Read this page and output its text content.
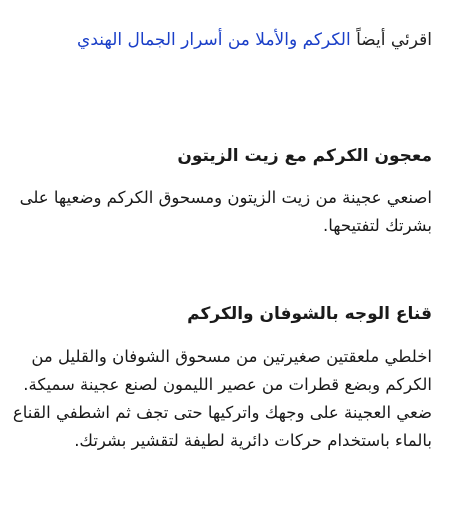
اقرئي أيضاً الكركم والأملا من أسرار الجمال الهندي
معجون الكركم مع زيت الزيتون

اصنعي عجينة من زيت الزيتون ومسحوق الكركم وضعيها على بشرتك لتفتيحها.

قناع الوجه بالشوفان والكركم

اخلطي ملعقتين صغيرتين من مسحوق الشوفان والقليل من الكركم وبضع قطرات من عصير الليمون لصنع عجينة سميكة. ضعي العجينة على وجهك واتركيها حتى تجف ثم اشطفي القناع بالماء باستخدام حركات دائرية لطيفة لتقشير بشرتك.
